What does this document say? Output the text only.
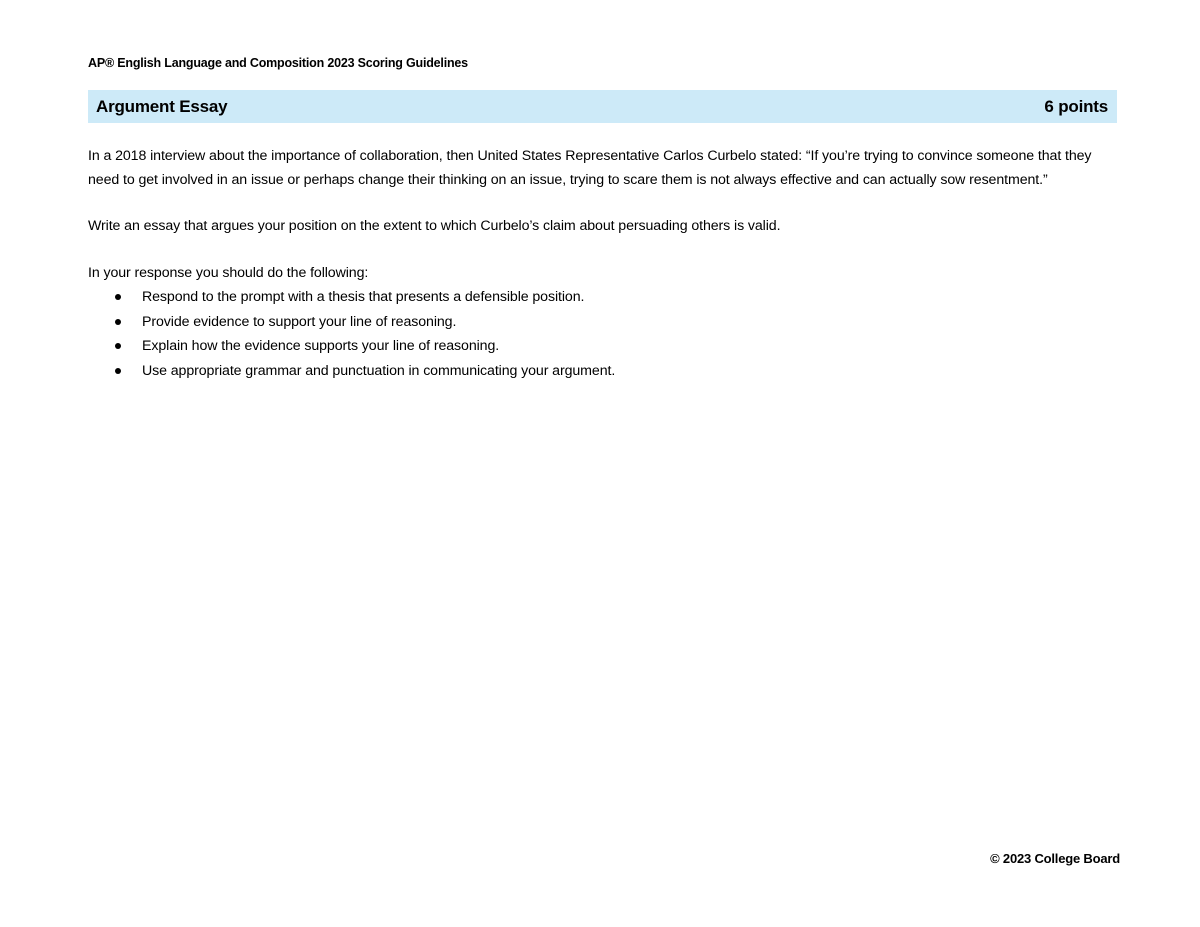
AP® English Language and Composition 2023 Scoring Guidelines
Argument Essay	6 points

In a 2018 interview about the importance of collaboration, then United States Representative Carlos Curbelo stated: “If you’re trying to convince someone that they need to get involved in an issue or perhaps change their thinking on an issue, trying to scare them is not always effective and can actually sow resentment.”

Write an essay that argues your position on the extent to which Curbelo’s claim about persuading others is valid.

In your response you should do the following:

Respond to the prompt with a thesis that presents a defensible position.
Provide evidence to support your line of reasoning.
Explain how the evidence supports your line of reasoning.
Use appropriate grammar and punctuation in communicating your argument.
© 2023 College Board
